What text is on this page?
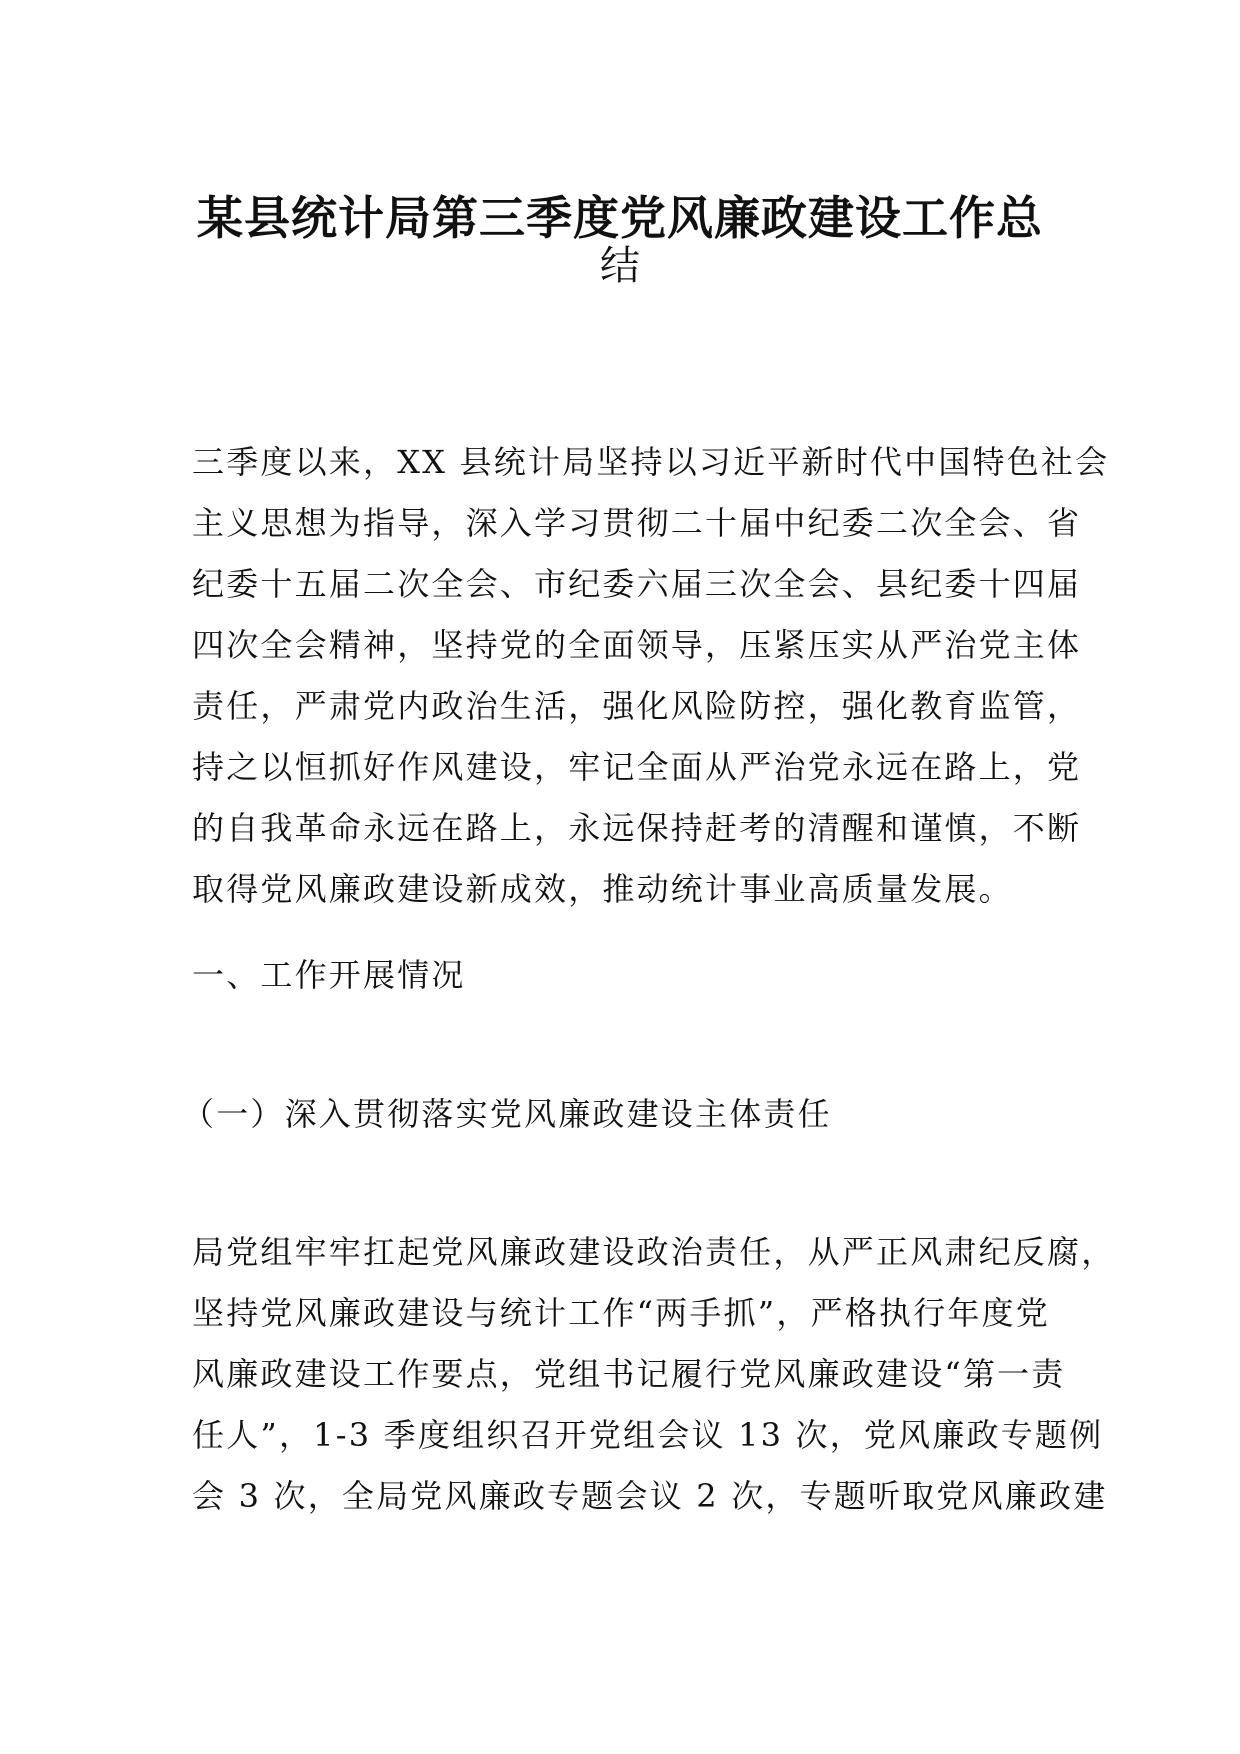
某县统计局第三季度党风廉政建设工作总
结
三季度以来，XX 县统计局坚持以习近平新时代中国特色社会
主义思想为指导，深入学习贯彻二十届中纪委二次全会、省
纪委十五届二次全会、市纪委六届三次全会、县纪委十四届
四次全会精神，坚持党的全面领导，压紧压实从严治党主体
责任，严肃党内政治生活，强化风险防控，强化教育监管，
持之以恒抓好作风建设，牢记全面从严治党永远在路上，党
的自我革命永远在路上，永远保持赶考的清醒和谨慎，不断
取得党风廉政建设新成效，推动统计事业高质量发展。
一、工作开展情况
（一）深入贯彻落实党风廉政建设主体责任
局党组牢牢扛起党风廉政建设政治责任，从严正风肃纪反腐，
坚持党风廉政建设与统计工作“两手抓”，严格执行年度党
风廉政建设工作要点，党组书记履行党风廉政建设“第一责
任人”，1-3 季度组织召开党组会议 13 次，党风廉政专题例
会 3 次，全局党风廉政专题会议 2 次，专题听取党风廉政建
